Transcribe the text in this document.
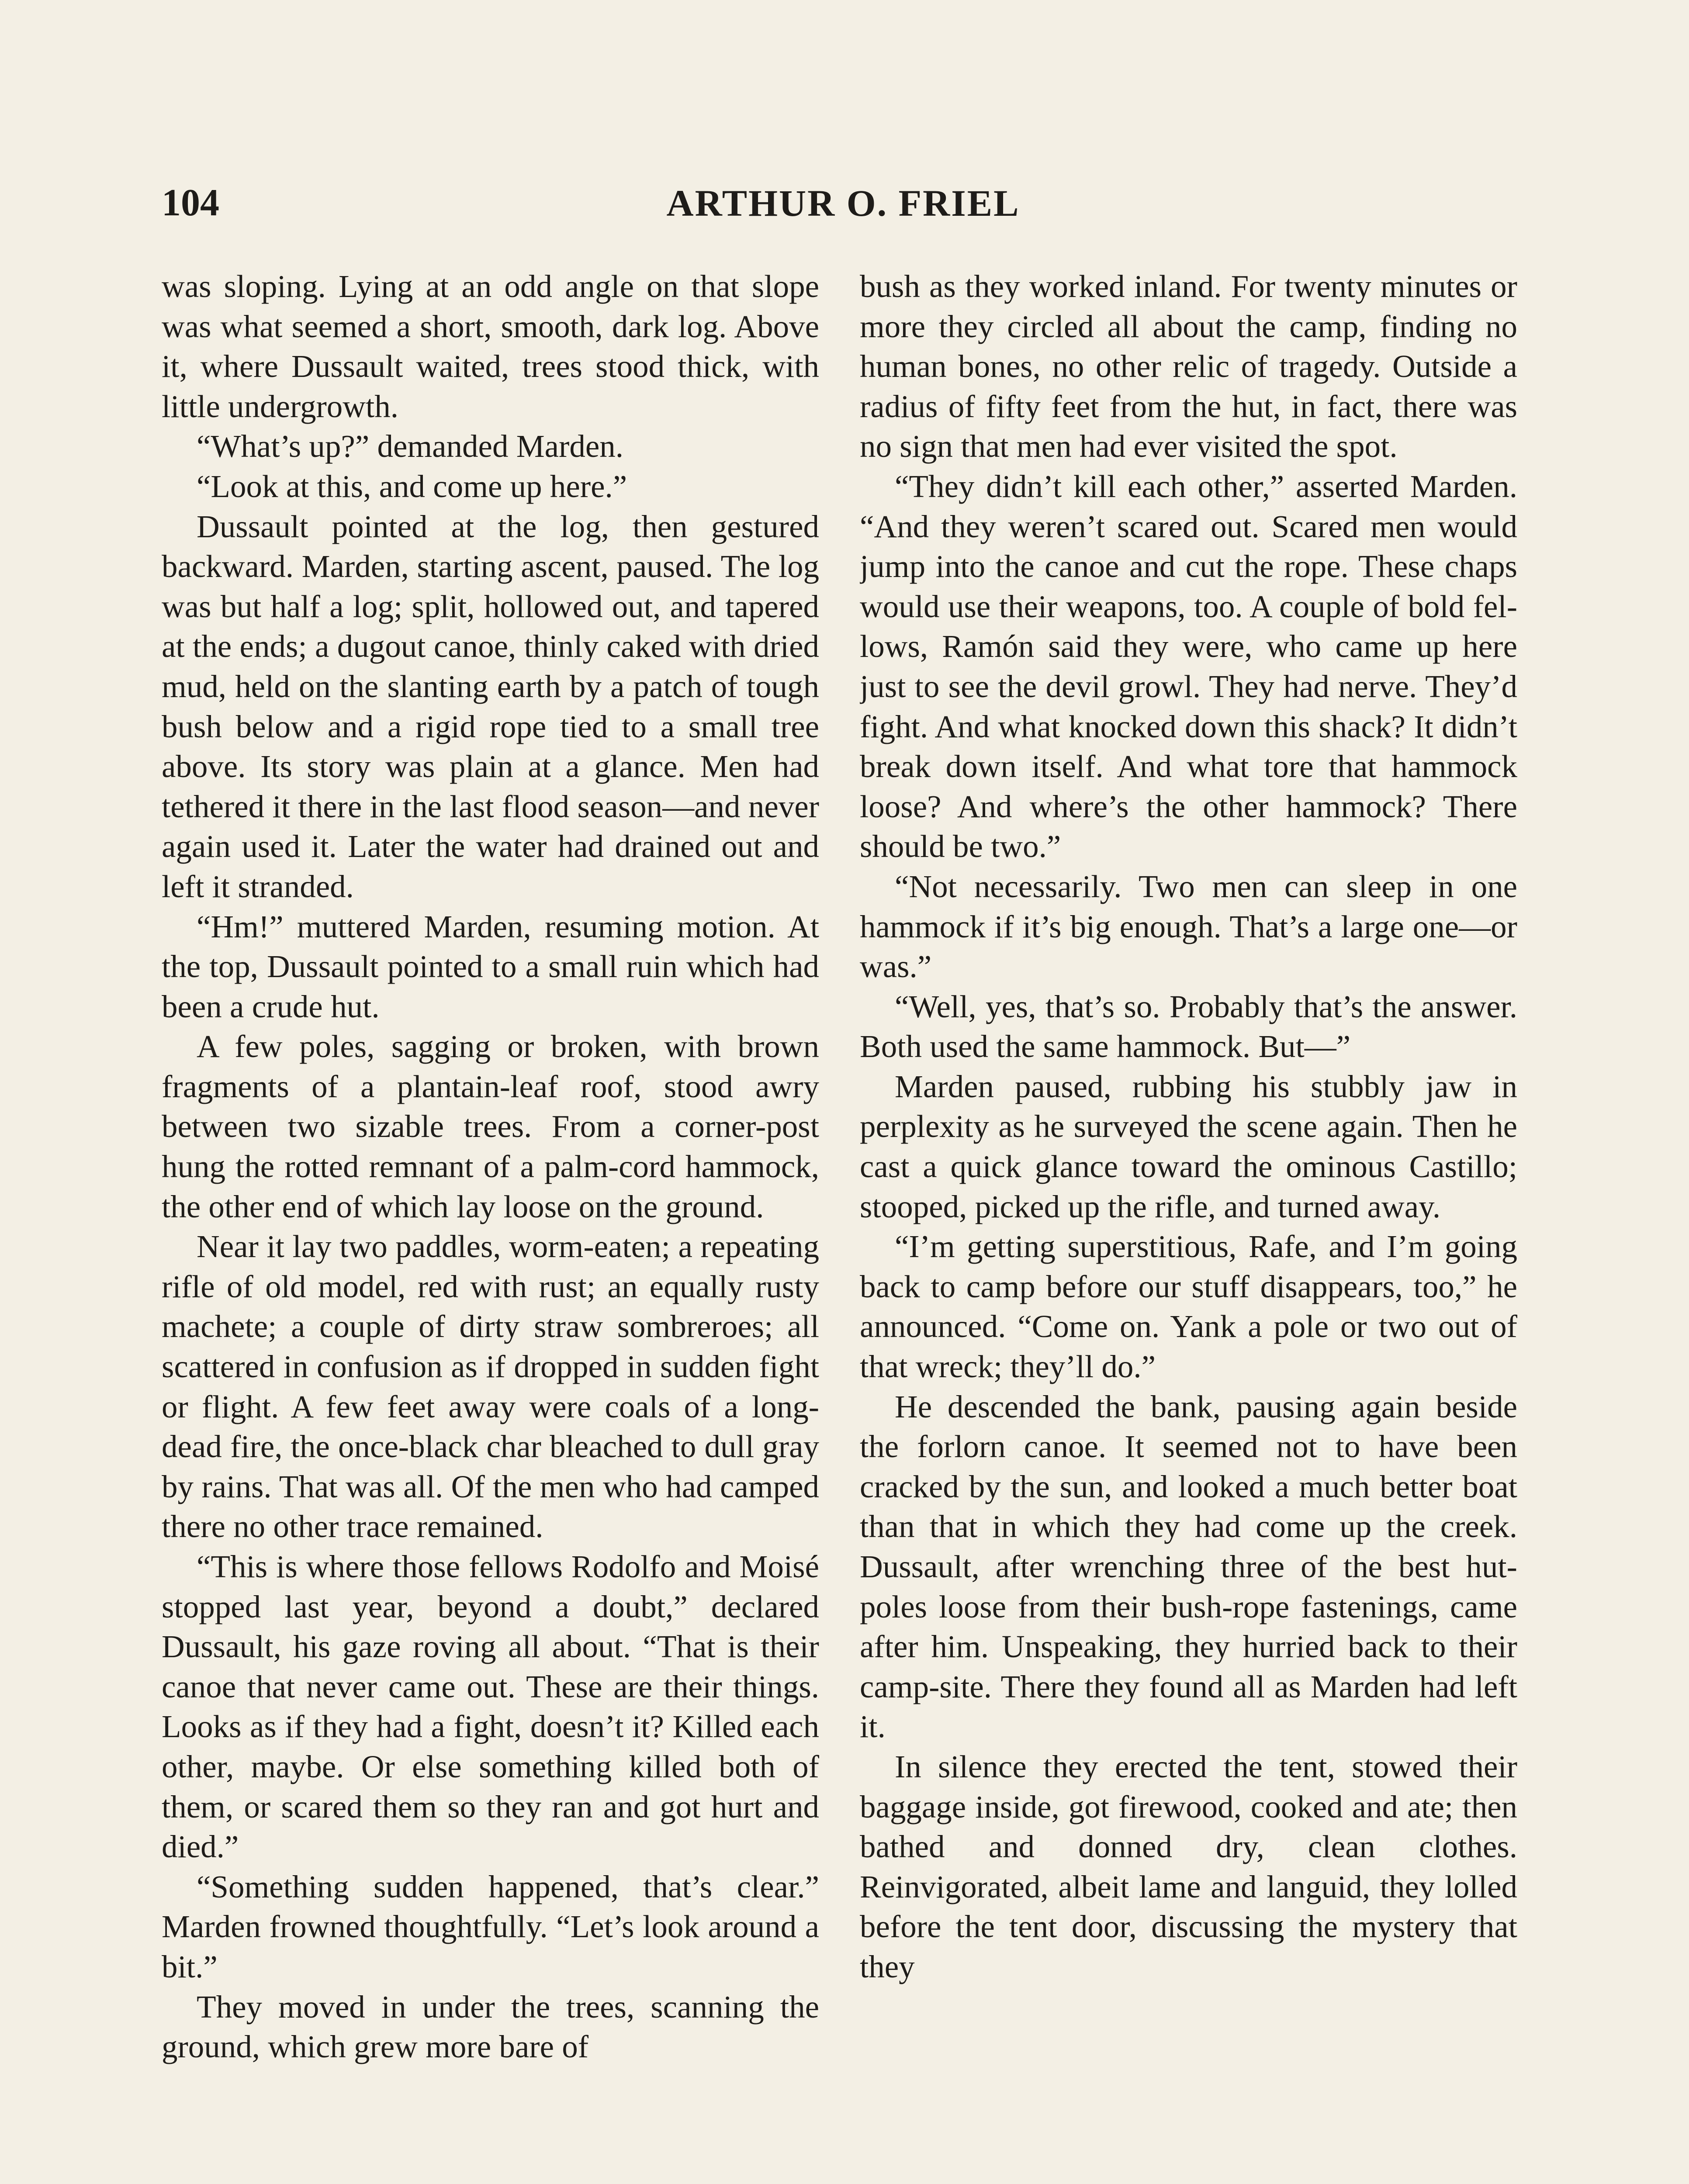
104	ARTHUR O. FRIEL

was sloping. Lying at an odd angle on that slope was what seemed a short, smooth, dark log. Above it, where Dussault waited, trees stood thick, with little undergrowth.

“What’s up?” demanded Marden.

“Look at this, and come up here.”

Dussault pointed at the log, then gestured backward. Marden, starting ascent, paused. The log was but half a log; split, hollowed out, and tapered at the ends; a dugout canoe, thinly caked with dried mud, held on the slanting earth by a patch of tough bush below and a rigid rope tied to a small tree above. Its story was plain at a glance. Men had tethered it there in the last flood season—and never again used it. Later the water had drained out and left it stranded.

“Hm!” muttered Marden, resuming motion. At the top, Dussault pointed to a small ruin which had been a crude hut.

A few poles, sagging or broken, with brown fragments of a plantain-leaf roof, stood awry between two sizable trees. From a corner-post hung the rotted remnant of a palm-cord hammock, the other end of which lay loose on the ground.

Near it lay two paddles, worm-eaten; a repeating rifle of old model, red with rust; an equally rusty machete; a couple of dirty straw sombreroes; all scattered in confusion as if dropped in sudden fight or flight. A few feet away were coals of a long-dead fire, the once-black char bleached to dull gray by rains. That was all. Of the men who had camped there no other trace remained.

“This is where those fellows Rodolfo and Moisé stopped last year, beyond a doubt,” declared Dussault, his gaze roving all about. “That is their canoe that never came out. These are their things. Looks as if they had a fight, doesn’t it? Killed each other, maybe. Or else something killed both of them, or scared them so they ran and got hurt and died.”

“Something sudden happened, that’s clear.” Marden frowned thoughtfully. “Let’s look around a bit.”

They moved in under the trees, scanning the ground, which grew more bare of

bush as they worked inland. For twenty minutes or more they circled all about the camp, finding no human bones, no other relic of tragedy. Outside a radius of fifty feet from the hut, in fact, there was no sign that men had ever visited the spot.

“They didn’t kill each other,” asserted Marden. “And they weren’t scared out. Scared men would jump into the canoe and cut the rope. These chaps would use their weapons, too. A couple of bold fellows, Ramón said they were, who came up here just to see the devil growl. They had nerve. They’d fight. And what knocked down this shack? It didn’t break down itself. And what tore that hammock loose? And where’s the other hammock? There should be two.”

“Not necessarily. Two men can sleep in one hammock if it’s big enough. That’s a large one—or was.”

“Well, yes, that’s so. Probably that’s the answer. Both used the same hammock. But—”

Marden paused, rubbing his stubbly jaw in perplexity as he surveyed the scene again. Then he cast a quick glance toward the ominous Castillo; stooped, picked up the rifle, and turned away.

“I’m getting superstitious, Rafe, and I’m going back to camp before our stuff disappears, too,” he announced. “Come on. Yank a pole or two out of that wreck; they’ll do.”

He descended the bank, pausing again beside the forlorn canoe. It seemed not to have been cracked by the sun, and looked a much better boat than that in which they had come up the creek. Dussault, after wrenching three of the best hut-poles loose from their bush-rope fastenings, came after him. Unspeaking, they hurried back to their camp-site. There they found all as Marden had left it.

In silence they erected the tent, stowed their baggage inside, got firewood, cooked and ate; then bathed and donned dry, clean clothes. Reinvigorated, albeit lame and languid, they lolled before the tent door, discussing the mystery that they
